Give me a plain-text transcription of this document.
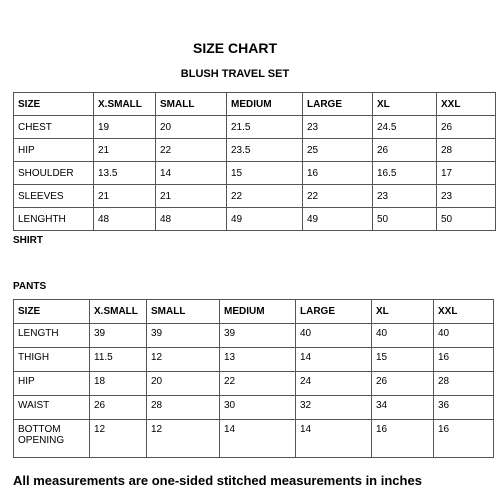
SIZE CHART
BLUSH TRAVEL SET
SIZE	X.SMALL	SMALL	MEDIUM	LARGE	XL	XXL
CHEST	19	20	21.5	23	24.5	26
HIP	21	22	23.5	25	26	28
SHOULDER	13.5	14	15	16	16.5	17
SLEEVES	21	21	22	22	23	23
LENGHTH	48	48	49	49	50	50
SHIRT
PANTS
SIZE	X.SMALL	SMALL	MEDIUM	LARGE	XL	XXL
LENGTH	39	39	39	40	40	40
THIGH	11.5	12	13	14	15	16
HIP	18	20	22	24	26	28
WAIST	26	28	30	32	34	36
BOTTOM
OPENING	12	12	14	14	16	16
All measurements are one-sided stitched measurements in inches
